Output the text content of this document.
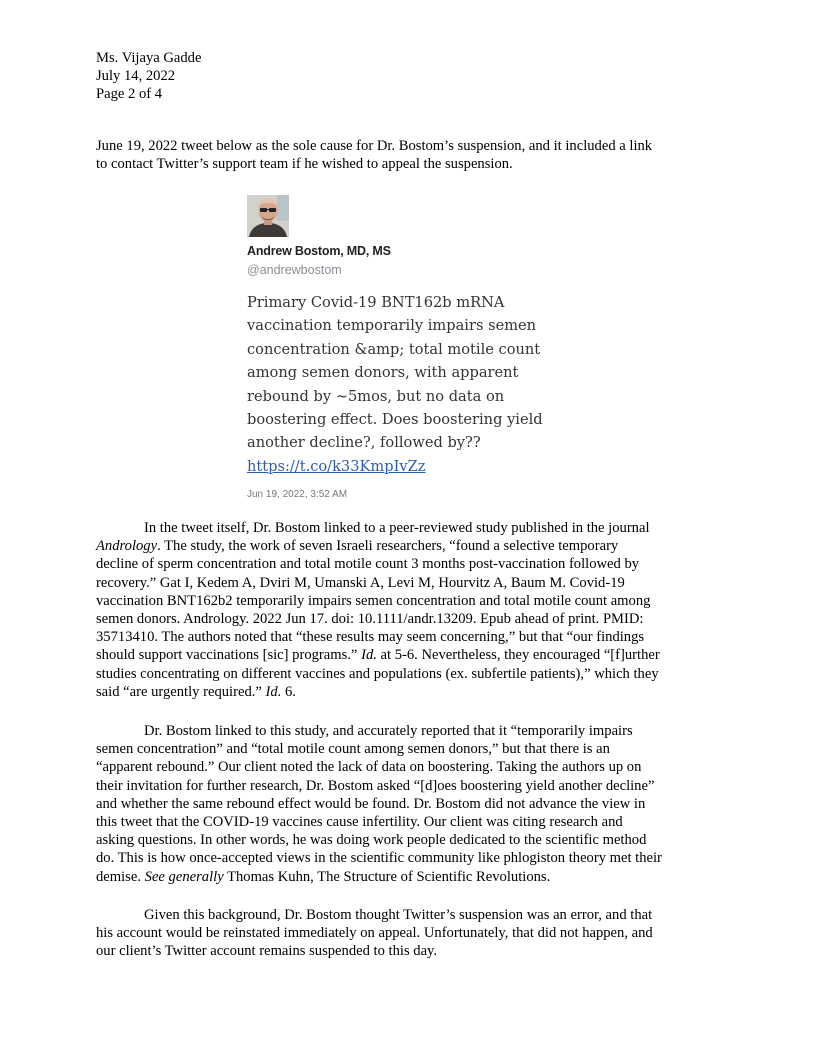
Ms. Vijaya Gadde
July 14, 2022
Page 2 of 4
June 19, 2022 tweet below as the sole cause for Dr. Bostom’s suspension, and it included a link
to contact Twitter’s support team if he wished to appeal the suspension.
Andrew Bostom, MD, MS
@andrewbostom
Primary Covid-19 BNT162b mRNA
vaccination temporarily impairs semen
concentration &amp; total motile count
among semen donors, with apparent
rebound by ~5mos, but no data on
boostering effect. Does boostering yield
another decline?, followed by??
https://t.co/k33KmpIvZz
Jun 19, 2022, 3:52 AM
In the tweet itself, Dr. Bostom linked to a peer-reviewed study published in the journal
Andrology. The study, the work of seven Israeli researchers, “found a selective temporary
decline of sperm concentration and total motile count 3 months post-vaccination followed by
recovery.” Gat I, Kedem A, Dviri M, Umanski A, Levi M, Hourvitz A, Baum M. Covid-19
vaccination BNT162b2 temporarily impairs semen concentration and total motile count among
semen donors. Andrology. 2022 Jun 17. doi: 10.1111/andr.13209. Epub ahead of print. PMID:
35713410. The authors noted that “these results may seem concerning,” but that “our findings
should support vaccinations [sic] programs.” Id. at 5-6. Nevertheless, they encouraged “[f]urther
studies concentrating on different vaccines and populations (ex. subfertile patients),” which they
said “are urgently required.” Id. 6.
Dr. Bostom linked to this study, and accurately reported that it “temporarily impairs
semen concentration” and “total motile count among semen donors,” but that there is an
“apparent rebound.” Our client noted the lack of data on boostering. Taking the authors up on
their invitation for further research, Dr. Bostom asked “[d]oes boostering yield another decline”
and whether the same rebound effect would be found. Dr. Bostom did not advance the view in
this tweet that the COVID-19 vaccines cause infertility. Our client was citing research and
asking questions. In other words, he was doing work people dedicated to the scientific method
do. This is how once-accepted views in the scientific community like phlogiston theory met their
demise. See generally Thomas Kuhn, The Structure of Scientific Revolutions.
Given this background, Dr. Bostom thought Twitter’s suspension was an error, and that
his account would be reinstated immediately on appeal. Unfortunately, that did not happen, and
our client’s Twitter account remains suspended to this day.
